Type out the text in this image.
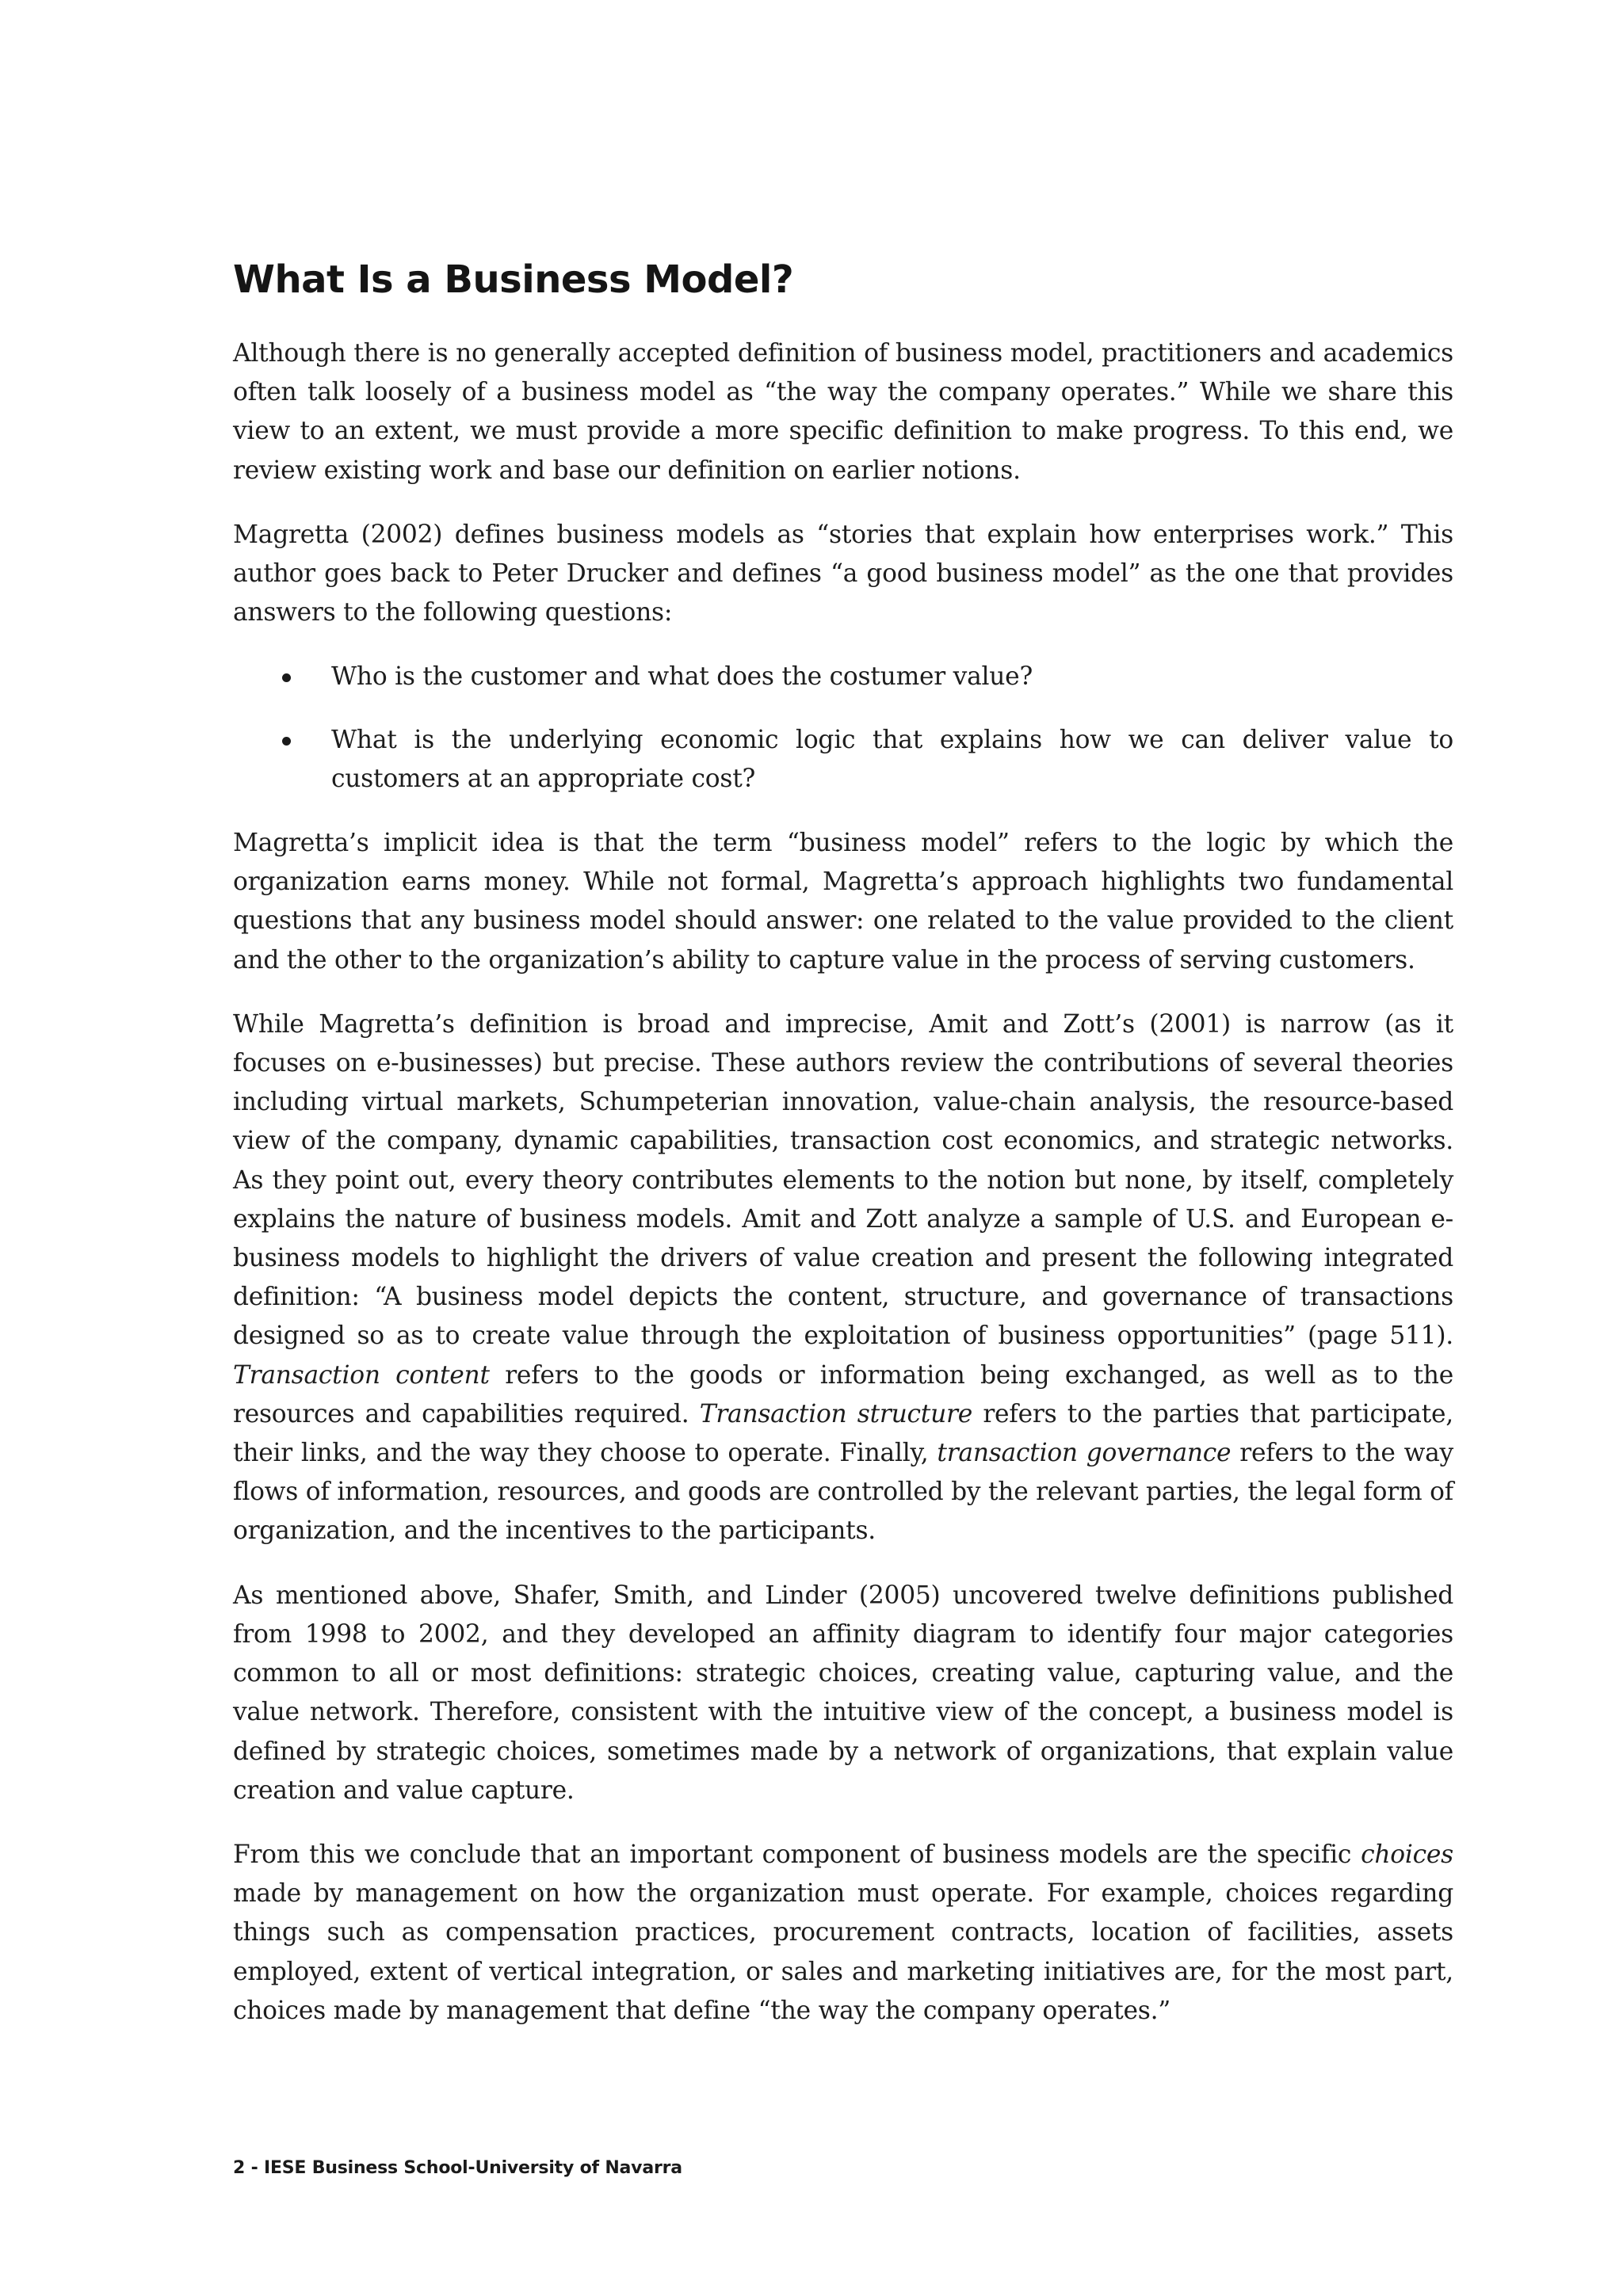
What Is a Business Model?

Although there is no generally accepted definition of business model, practitioners and academics often talk loosely of a business model as “the way the company operates.” While we share this view to an extent, we must provide a more specific definition to make progress. To this end, we review existing work and base our definition on earlier notions.

Magretta (2002) defines business models as “stories that explain how enterprises work.” This author goes back to Peter Drucker and defines “a good business model” as the one that provides answers to the following questions:

Who is the customer and what does the costumer value?
What is the underlying economic logic that explains how we can deliver value to customers at an appropriate cost?

Magretta’s implicit idea is that the term “business model” refers to the logic by which the organization earns money. While not formal, Magretta’s approach highlights two fundamental questions that any business model should answer: one related to the value provided to the client and the other to the organization’s ability to capture value in the process of serving customers.

While Magretta’s definition is broad and imprecise, Amit and Zott’s (2001) is narrow (as it focuses on e-businesses) but precise. These authors review the contributions of several theories including virtual markets, Schumpeterian innovation, value-chain analysis, the resource-based view of the company, dynamic capabilities, transaction cost economics, and strategic networks. As they point out, every theory contributes elements to the notion but none, by itself, completely explains the nature of business models. Amit and Zott analyze a sample of U.S. and European e-business models to highlight the drivers of value creation and present the following integrated definition: “A business model depicts the content, structure, and governance of transactions designed so as to create value through the exploitation of business opportunities” (page 511). Transaction content refers to the goods or information being exchanged, as well as to the resources and capabilities required. Transaction structure refers to the parties that participate, their links, and the way they choose to operate. Finally, transaction governance refers to the way flows of information, resources, and goods are controlled by the relevant parties, the legal form of organization, and the incentives to the participants.

As mentioned above, Shafer, Smith, and Linder (2005) uncovered twelve definitions published from 1998 to 2002, and they developed an affinity diagram to identify four major categories common to all or most definitions: strategic choices, creating value, capturing value, and the value network. Therefore, consistent with the intuitive view of the concept, a business model is defined by strategic choices, sometimes made by a network of organizations, that explain value creation and value capture.

From this we conclude that an important component of business models are the specific choices made by management on how the organization must operate. For example, choices regarding things such as compensation practices, procurement contracts, location of facilities, assets employed, extent of vertical integration, or sales and marketing initiatives are, for the most part, choices made by management that define “the way the company operates.”

2 - IESE Business School-University of Navarra
